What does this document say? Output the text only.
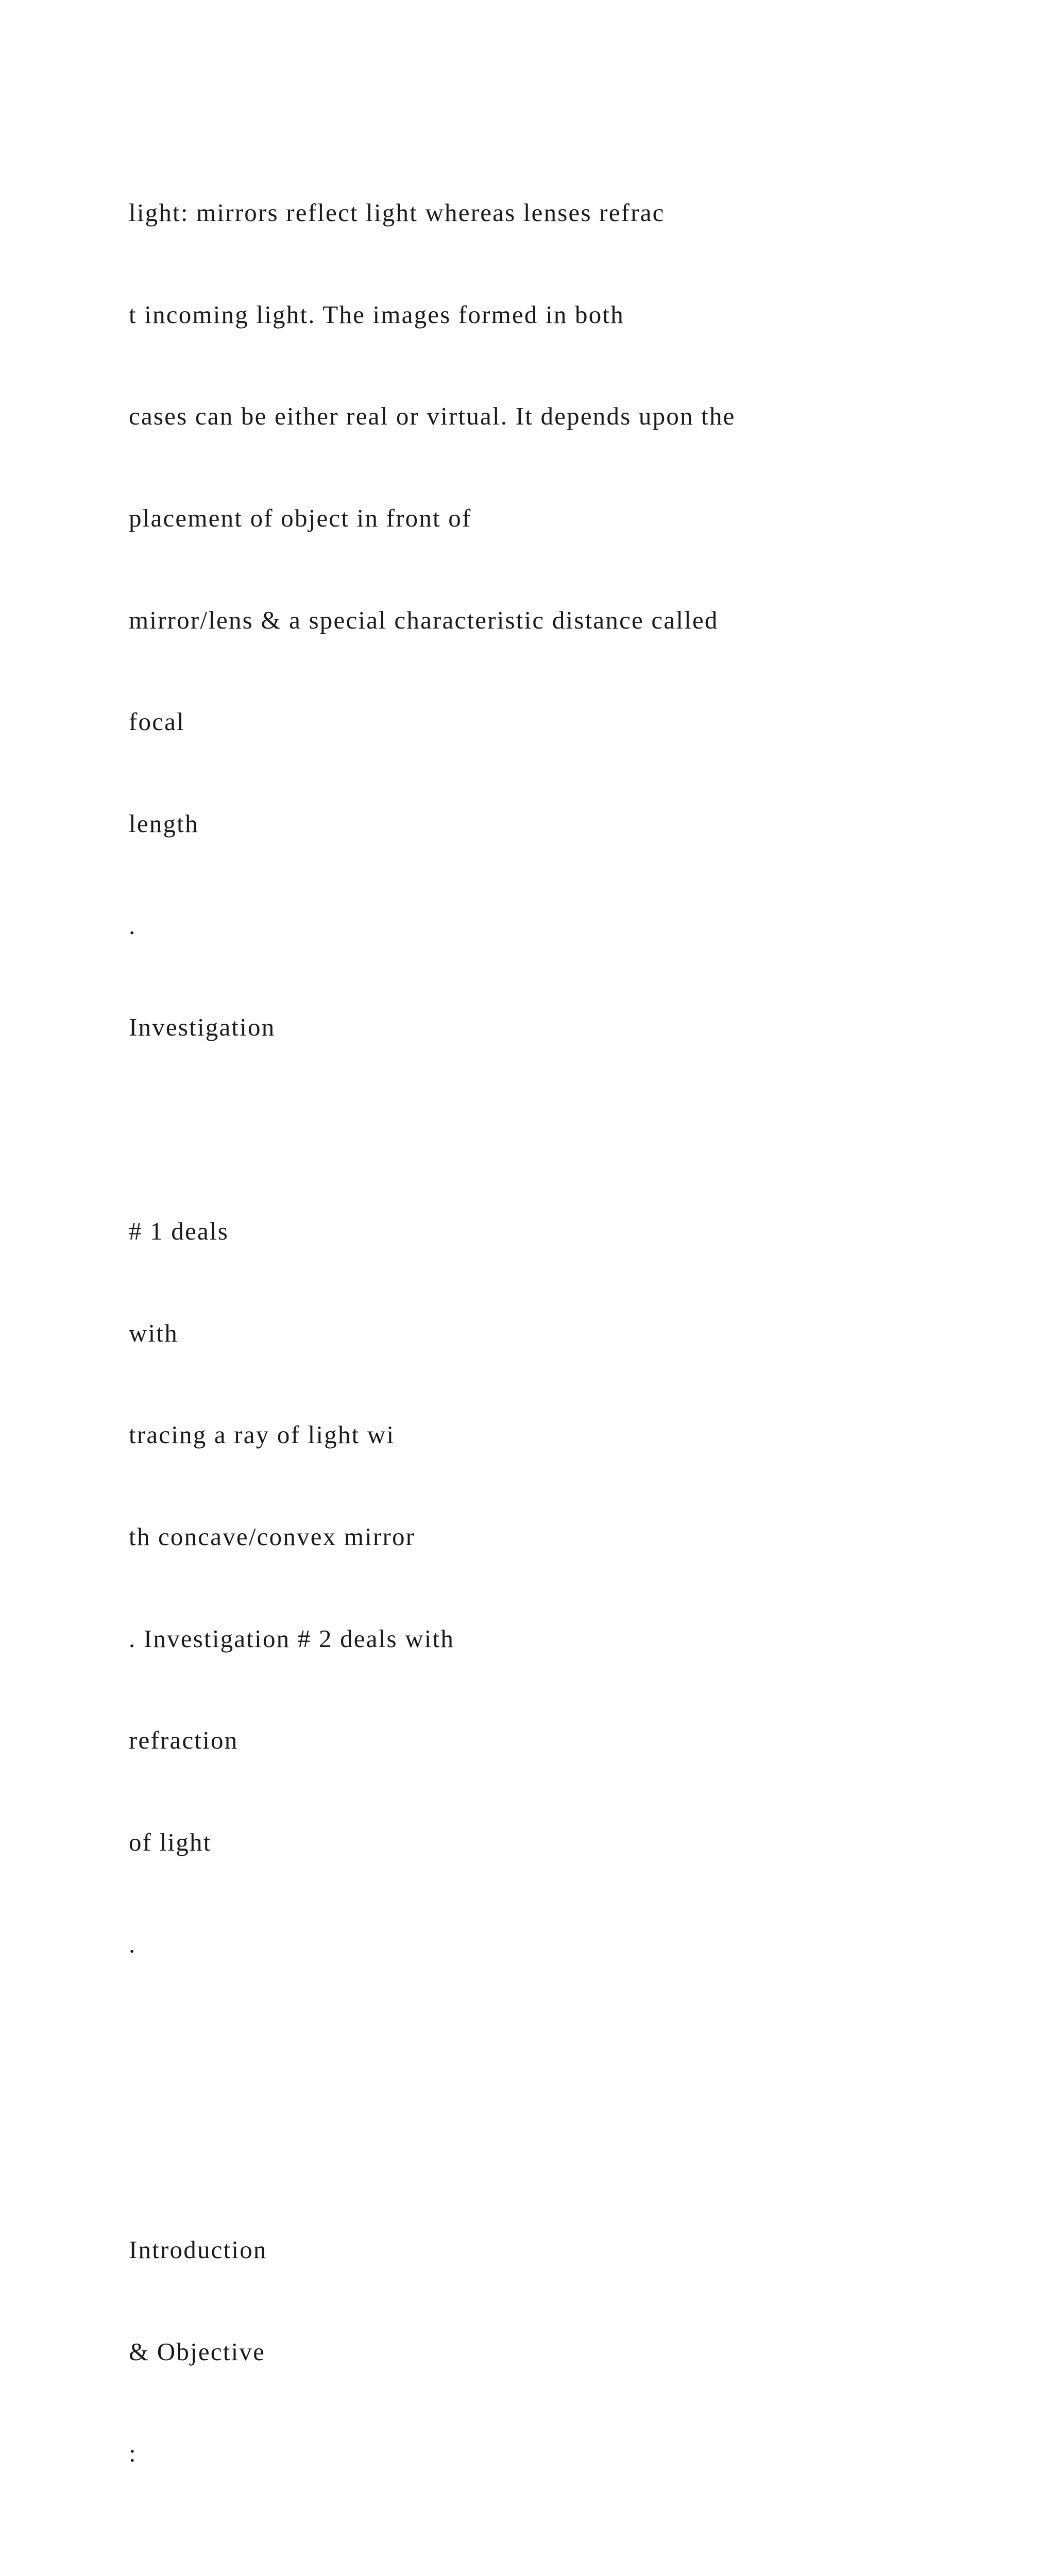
light: mirrors reflect light whereas lenses refrac

t incoming light. The images formed in both

cases can be either real or virtual. It depends upon the

placement of object in front of

mirror/lens & a special characteristic distance called

focal

length

.

Investigation

# 1 deals

with

tracing a ray of light wi

th concave/convex mirror

. Investigation # 2 deals with

refraction

of light

.

Introduction

& Objective

:
